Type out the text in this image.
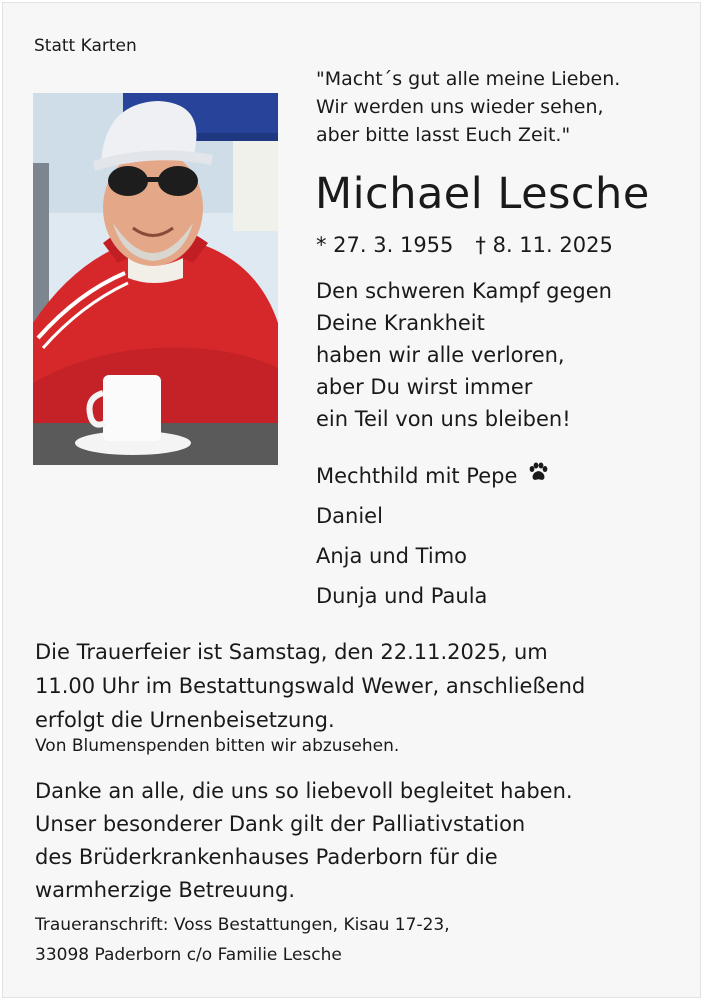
Statt Karten
"Macht´s gut alle meine Lieben.
Wir werden uns wieder sehen,
aber bitte lasst Euch Zeit."
Michael Lesche
* 27. 3. 1955 † 8. 11. 2025
Den schweren Kampf gegen
Deine Krankheit
haben wir alle verloren,
aber Du wirst immer
ein Teil von uns bleiben!
Mechthild mit Pepe
Daniel
Anja und Timo
Dunja und Paula
Die Trauerfeier ist Samstag, den 22.11.2025, um
11.00 Uhr im Bestattungswald Wewer, anschließend
erfolgt die Urnenbeisetzung.
Von Blumenspenden bitten wir abzusehen.
Danke an alle, die uns so liebevoll begleitet haben.
Unser besonderer Dank gilt der Palliativstation
des Brüderkrankenhauses Paderborn für die
warmherzige Betreuung.
Traueranschrift: Voss Bestattungen, Kisau 17-23,
33098 Paderborn c/o Familie Lesche
